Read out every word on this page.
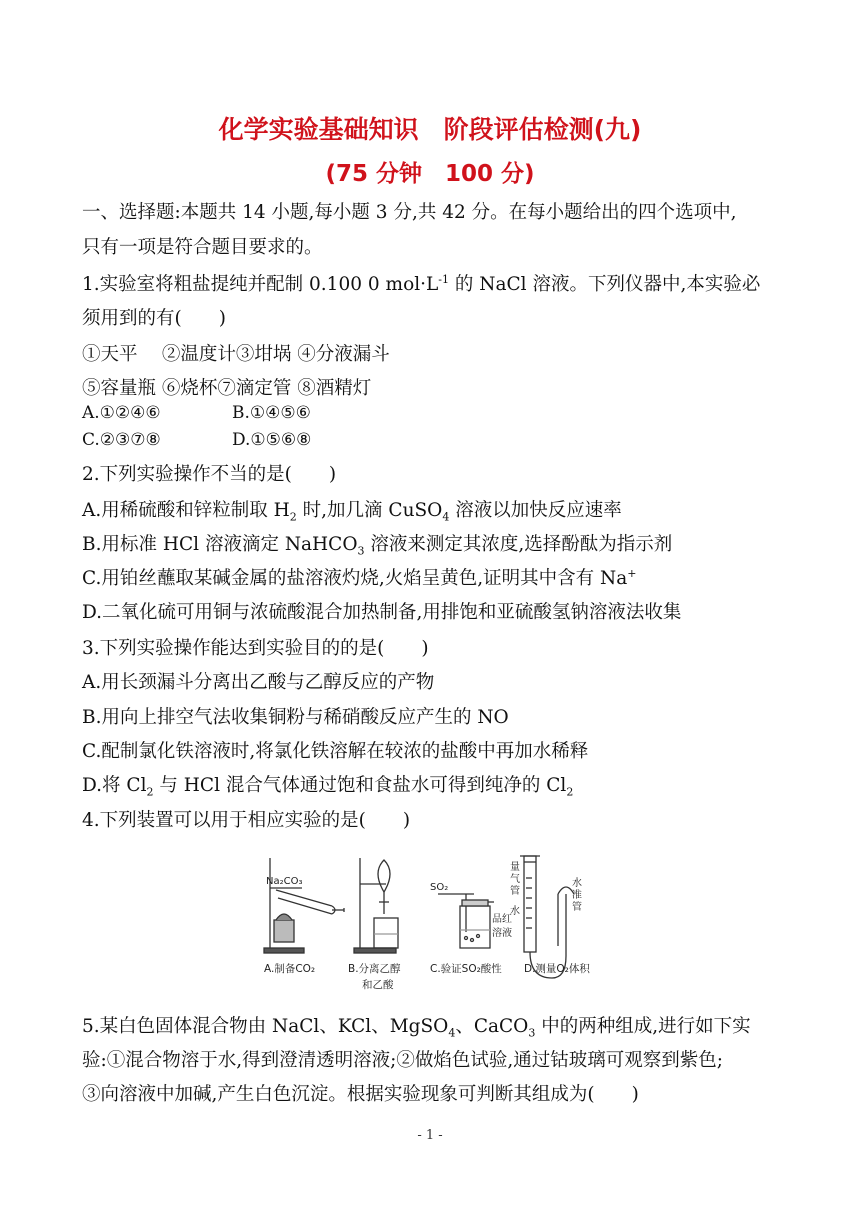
化学实验基础知识　阶段评估检测(九)
(75 分钟　100 分)
一、选择题:本题共 14 小题,每小题 3 分,共 42 分。在每小题给出的四个选项中,
只有一项是符合题目要求的。
1.实验室将粗盐提纯并配制 0.100 0 $mol\cdot L^{-1}$ 的 NaCl 溶液。下列仪器中,本实验必
须用到的有(　　)
①天平　 ②温度计③坩埚 ④分液漏斗
⑤容量瓶 ⑥烧杯⑦滴定管 ⑧酒精灯
A.①②④⑥	B.①④⑤⑥
C.②③⑦⑧	D.①⑤⑥⑧
2.下列实验操作不当的是(　　)
A.用稀硫酸和锌粒制取 $H_2$ 时,加几滴 CuSO$_4$ 溶液以加快反应速率
B.用标准 HCl 溶液滴定 NaHCO$_3$ 溶液来测定其浓度,选择酚酞为指示剂
C.用铂丝蘸取某碱金属的盐溶液灼烧,火焰呈黄色,证明其中含有 Na+
D.二氧化硫可用铜与浓硫酸混合加热制备,用排饱和亚硫酸氢钠溶液法收集
3.下列实验操作能达到实验目的的是(　　)
A.用长颈漏斗分离出乙酸与乙醇反应的产物
B.用向上排空气法收集铜粉与稀硝酸反应产生的 NO
C.配制氯化铁溶液时,将氯化铁溶解在较浓的盐酸中再加水稀释
D.将 $Cl_2$ 与 HCl 混合气体通过饱和食盐水可得到纯净的 $Cl_2$
4.下列装置可以用于相应实验的是(　　)
Na₂CO₃
SO₂
品红
溶液
量
气
管
水
水
准
管
A.制备CO₂	B.分离乙醇
和乙酸
C.验证SO₂酸性 D.测量O₂体积
5.某白色固体混合物由 NaCl、KCl、MgSO$_4$、CaCO$_3$ 中的两种组成,进行如下实
验:①混合物溶于水,得到澄清透明溶液;②做焰色试验,通过钴玻璃可观察到紫色;
③向溶液中加碱,产生白色沉淀。根据实验现象可判断其组成为(　　)
- 1 -
